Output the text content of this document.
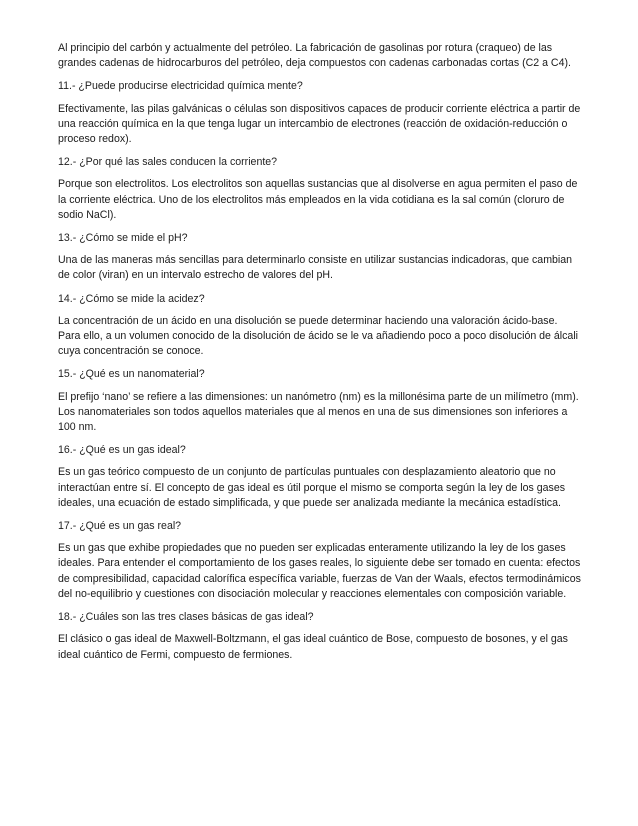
Al principio del carbón y actualmente del petróleo. La fabricación de gasolinas por rotura (craqueo) de las grandes cadenas de hidrocarburos del petróleo, deja compuestos con cadenas carbonadas cortas (C2 a C4).

11.- ¿Puede producirse electricidad química mente?

Efectivamente, las pilas galvánicas o células son dispositivos capaces de producir corriente eléctrica a partir de una reacción química en la que tenga lugar un intercambio de electrones (reacción de oxidación-reducción o proceso redox).

12.- ¿Por qué las sales conducen la corriente?

Porque son electrolitos. Los electrolitos son aquellas sustancias que al disolverse en agua permiten el paso de la corriente eléctrica. Uno de los electrolitos más empleados en la vida cotidiana es la sal común (cloruro de sodio NaCl).

13.- ¿Cómo se mide el pH?

Una de las maneras más sencillas para determinarlo consiste en utilizar sustancias indicadoras, que cambian de color (viran) en un intervalo estrecho de valores del pH.

14.- ¿Cómo se mide la acidez?

La concentración de un ácido en una disolución se puede determinar haciendo una valoración ácido-base. Para ello, a un volumen conocido de la disolución de ácido se le va añadiendo poco a poco disolución de álcali cuya concentración se conoce.

15.- ¿Qué es un nanomaterial?

El prefijo ‘nano’ se refiere a las dimensiones: un nanómetro (nm) es la millonésima parte de un milímetro (mm). Los nanomateriales son todos aquellos materiales que al menos en una de sus dimensiones son inferiores a 100 nm.

16.- ¿Qué es un gas ideal?

Es un gas teórico compuesto de un conjunto de partículas puntuales con desplazamiento aleatorio que no interactúan entre sí. El concepto de gas ideal es útil porque el mismo se comporta según la ley de los gases ideales, una ecuación de estado simplificada, y que puede ser analizada mediante la mecánica estadística.

17.- ¿Qué es un gas real?

Es un gas que exhibe propiedades que no pueden ser explicadas enteramente utilizando la ley de los gases ideales. Para entender el comportamiento de los gases reales, lo siguiente debe ser tomado en cuenta: efectos de compresibilidad, capacidad calorífica específica variable, fuerzas de Van der Waals, efectos termodinámicos del no-equilibrio y cuestiones con disociación molecular y reacciones elementales con composición variable.

18.- ¿Cuáles son las tres clases básicas de gas ideal?

El clásico o gas ideal de Maxwell-Boltzmann, el gas ideal cuántico de Bose, compuesto de bosones, y el gas ideal cuántico de Fermi, compuesto de fermiones.
